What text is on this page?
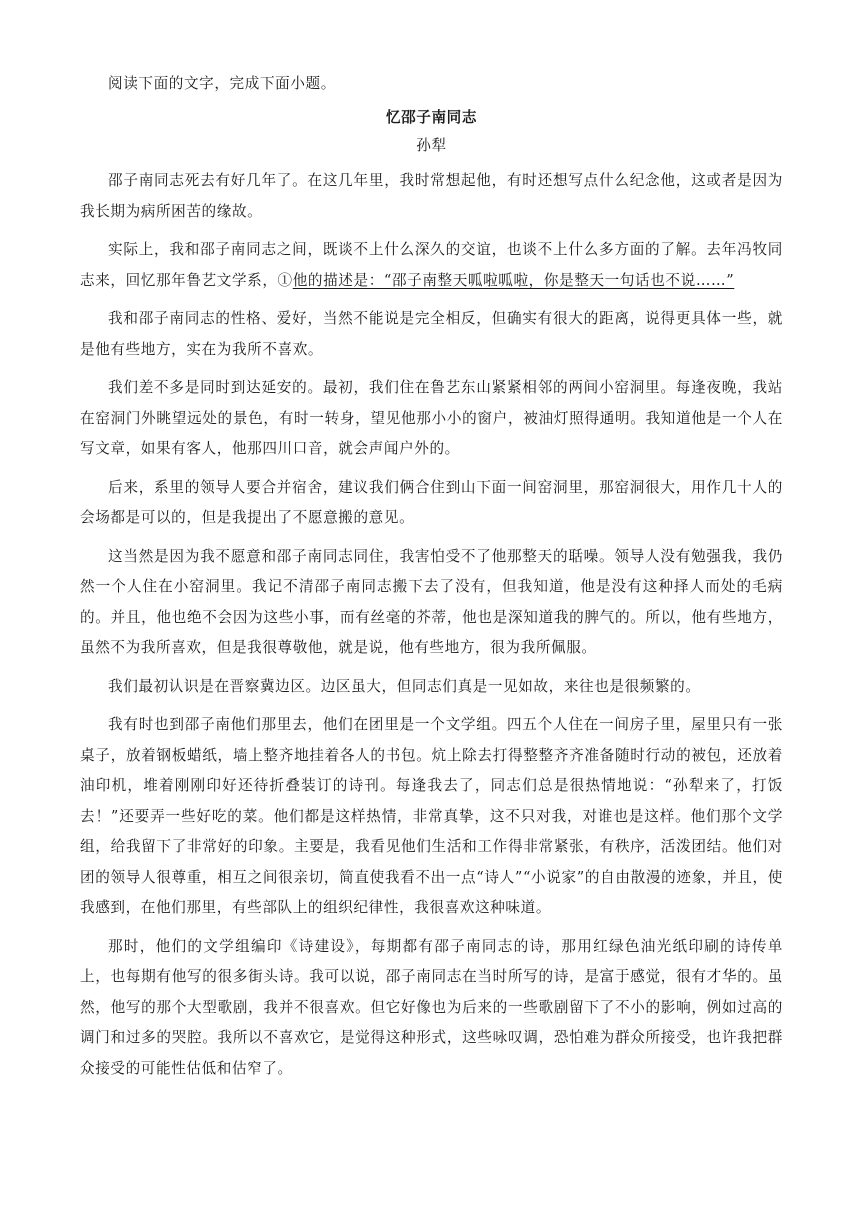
阅读下面的文字，完成下面小题。

忆邵子南同志

孙犁

邵子南同志死去有好几年了。在这几年里，我时常想起他，有时还想写点什么纪念他，这或者是因为我长期为病所困苦的缘故。

实际上，我和邵子南同志之间，既谈不上什么深久的交谊，也谈不上什么多方面的了解。去年冯牧同志来，回忆那年鲁艺文学系，①他的描述是：“邵子南整天呱啦呱啦，你是整天一句话也不说……”

我和邵子南同志的性格、爱好，当然不能说是完全相反，但确实有很大的距离，说得更具体一些，就是他有些地方，实在为我所不喜欢。

我们差不多是同时到达延安的。最初，我们住在鲁艺东山紧紧相邻的两间小窑洞里。每逢夜晚，我站在窑洞门外眺望远处的景色，有时一转身，望见他那小小的窗户，被油灯照得通明。我知道他是一个人在写文章，如果有客人，他那四川口音，就会声闻户外的。

后来，系里的领导人要合并宿舍，建议我们俩合住到山下面一间窑洞里，那窑洞很大，用作几十人的会场都是可以的，但是我提出了不愿意搬的意见。

这当然是因为我不愿意和邵子南同志同住，我害怕受不了他那整天的聒噪。领导人没有勉强我，我仍然一个人住在小窑洞里。我记不清邵子南同志搬下去了没有，但我知道，他是没有这种择人而处的毛病的。并且，他也绝不会因为这些小事，而有丝毫的芥蒂，他也是深知道我的脾气的。所以，他有些地方，虽然不为我所喜欢，但是我很尊敬他，就是说，他有些地方，很为我所佩服。

我们最初认识是在晋察冀边区。边区虽大，但同志们真是一见如故，来往也是很频繁的。

我有时也到邵子南他们那里去，他们在团里是一个文学组。四五个人住在一间房子里，屋里只有一张桌子，放着钢板蜡纸，墙上整齐地挂着各人的书包。炕上除去打得整整齐齐准备随时行动的被包，还放着油印机，堆着刚刚印好还待折叠装订的诗刊。每逢我去了，同志们总是很热情地说：“孙犁来了，打饭去！”还要弄一些好吃的菜。他们都是这样热情，非常真挚，这不只对我，对谁也是这样。他们那个文学组，给我留下了非常好的印象。主要是，我看见他们生活和工作得非常紧张，有秩序，活泼团结。他们对团的领导人很尊重，相互之间很亲切，简直使我看不出一点“诗人”“小说家”的自由散漫的迹象，并且，使我感到，在他们那里，有些部队上的组织纪律性，我很喜欢这种味道。

那时，他们的文学组编印《诗建设》，每期都有邵子南同志的诗，那用红绿色油光纸印刷的诗传单上，也每期有他写的很多街头诗。我可以说，邵子南同志在当时所写的诗，是富于感觉，很有才华的。虽然，他写的那个大型歌剧，我并不很喜欢。但它好像也为后来的一些歌剧留下了不小的影响，例如过高的调门和过多的哭腔。我所以不喜欢它，是觉得这种形式，这些咏叹调，恐怕难为群众所接受，也许我把群众接受的可能性估低和估窄了。
